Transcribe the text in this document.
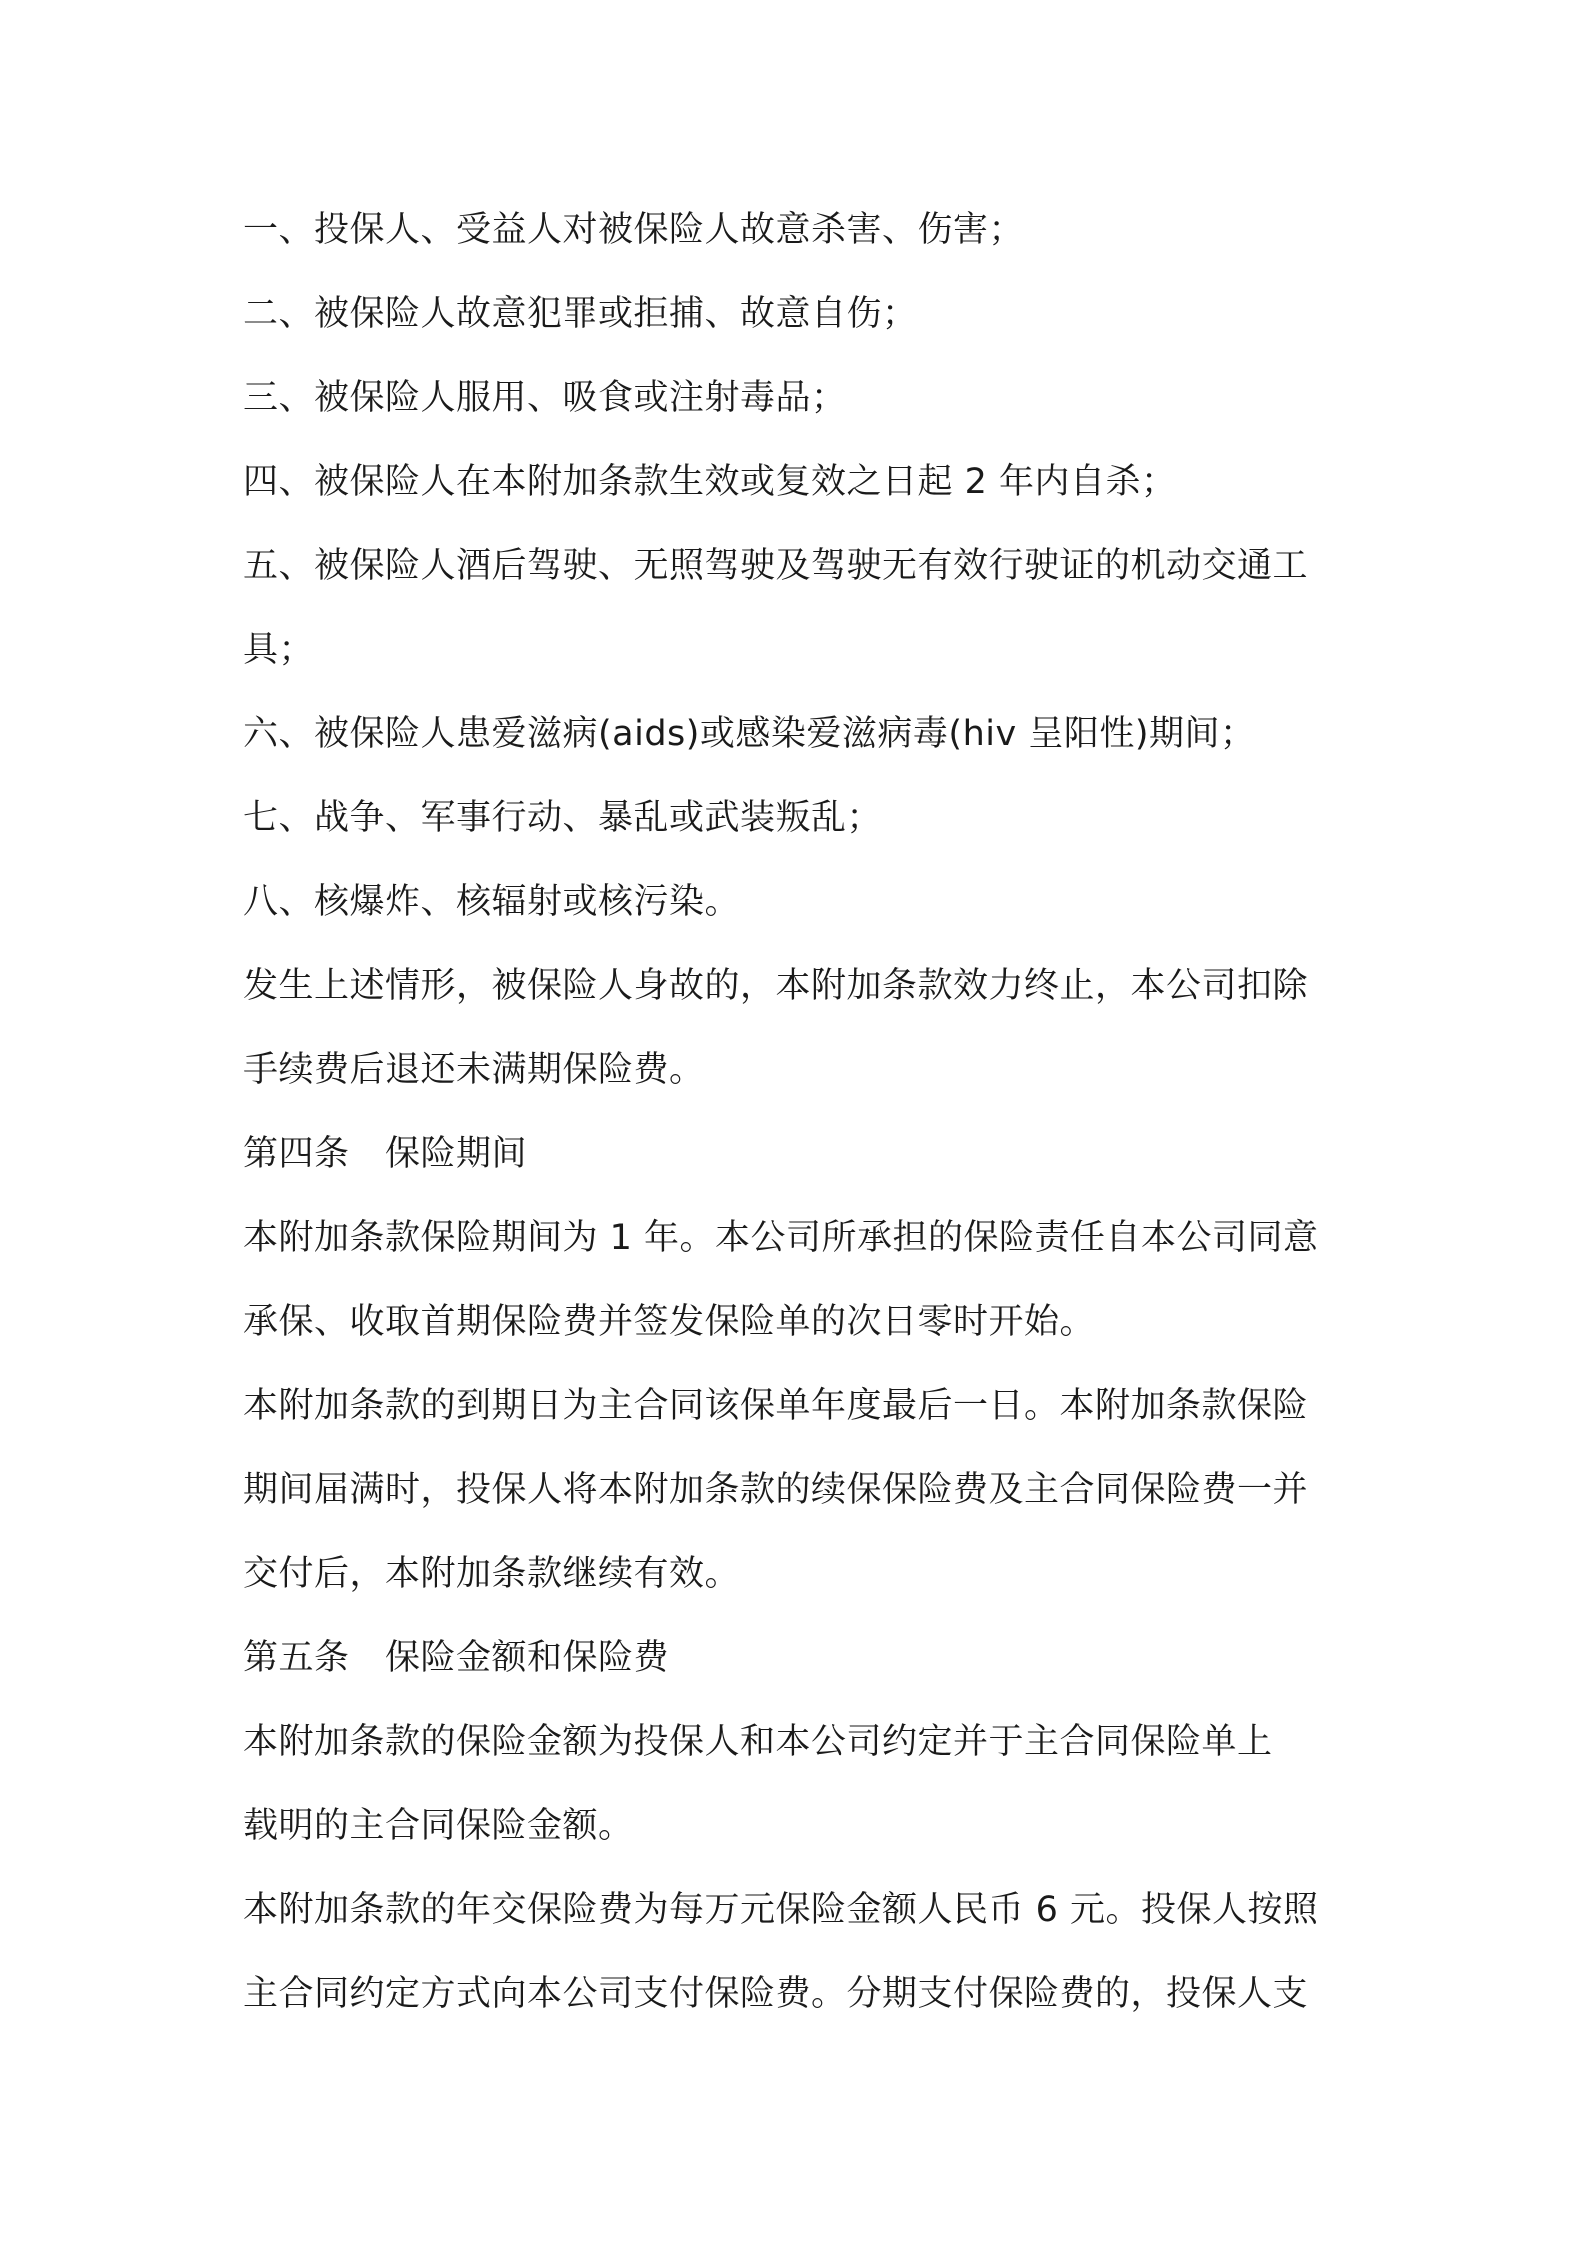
一、投保人、受益人对被保险人故意杀害、伤害；
二、被保险人故意犯罪或拒捕、故意自伤；
三、被保险人服用、吸食或注射毒品；
四、被保险人在本附加条款生效或复效之日起 2 年内自杀；
五、被保险人酒后驾驶、无照驾驶及驾驶无有效行驶证的机动交通工
具；
六、被保险人患爱滋病(aids)或感染爱滋病毒(hiv 呈阳性)期间；
七、战争、军事行动、暴乱或武装叛乱；
八、核爆炸、核辐射或核污染。
发生上述情形，被保险人身故的，本附加条款效力终止，本公司扣除
手续费后退还未满期保险费。
第四条　保险期间
本附加条款保险期间为 1 年。本公司所承担的保险责任自本公司同意
承保、收取首期保险费并签发保险单的次日零时开始。
本附加条款的到期日为主合同该保单年度最后一日。本附加条款保险
期间届满时，投保人将本附加条款的续保保险费及主合同保险费一并
交付后，本附加条款继续有效。
第五条　保险金额和保险费
本附加条款的保险金额为投保人和本公司约定并于主合同保险单上
载明的主合同保险金额。
本附加条款的年交保险费为每万元保险金额人民币 6 元。投保人按照
主合同约定方式向本公司支付保险费。分期支付保险费的，投保人支
